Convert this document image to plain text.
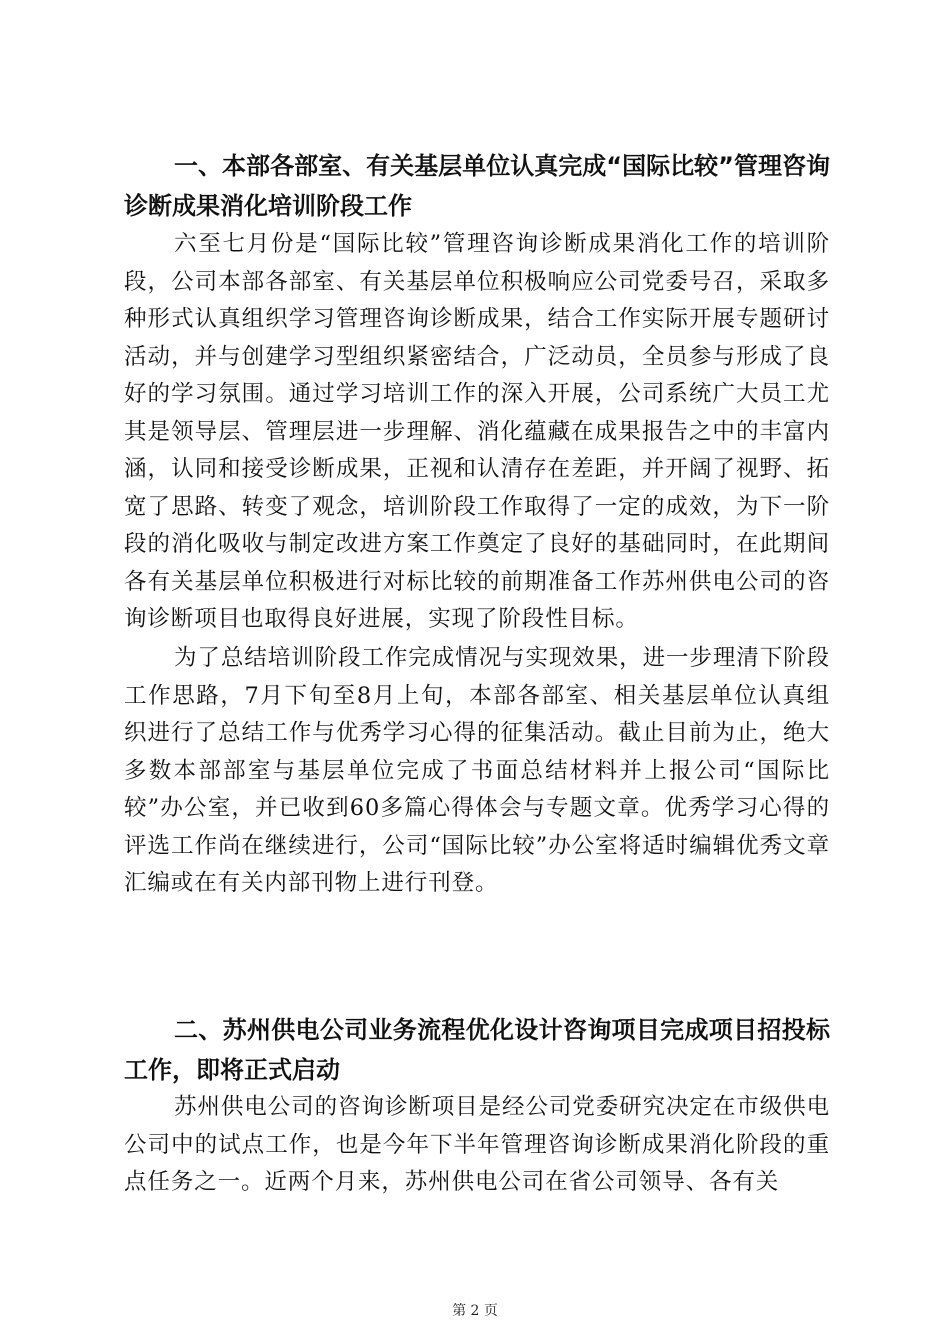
一、本部各部室、有关基层单位认真完成“国际比较”管理咨询诊断成果消化培训阶段工作

六至七月份是“国际比较”管理咨询诊断成果消化工作的培训阶段，公司本部各部室、有关基层单位积极响应公司党委号召，采取多种形式认真组织学习管理咨询诊断成果，结合工作实际开展专题研讨活动，并与创建学习型组织紧密结合，广泛动员，全员参与形成了良好的学习氛围。通过学习培训工作的深入开展，公司系统广大员工尤其是领导层、管理层进一步理解、消化蕴藏在成果报告之中的丰富内涵，认同和接受诊断成果，正视和认清存在差距，并开阔了视野、拓宽了思路、转变了观念，培训阶段工作取得了一定的成效，为下一阶段的消化吸收与制定改进方案工作奠定了良好的基础同时，在此期间各有关基层单位积极进行对标比较的前期准备工作苏州供电公司的咨询诊断项目也取得良好进展，实现了阶段性目标。

为了总结培训阶段工作完成情况与实现效果，进一步理清下阶段工作思路，7月下旬至8月上旬，本部各部室、相关基层单位认真组织进行了总结工作与优秀学习心得的征集活动。截止目前为止，绝大多数本部部室与基层单位完成了书面总结材料并上报公司“国际比较”办公室，并已收到60多篇心得体会与专题文章。优秀学习心得的评选工作尚在继续进行，公司“国际比较”办公室将适时编辑优秀文章汇编或在有关内部刊物上进行刊登。

二、苏州供电公司业务流程优化设计咨询项目完成项目招投标工作，即将正式启动

苏州供电公司的咨询诊断项目是经公司党委研究决定在市级供电公司中的试点工作，也是今年下半年管理咨询诊断成果消化阶段的重点任务之一。近两个月来，苏州供电公司在省公司领导、各有关

第 2 页
